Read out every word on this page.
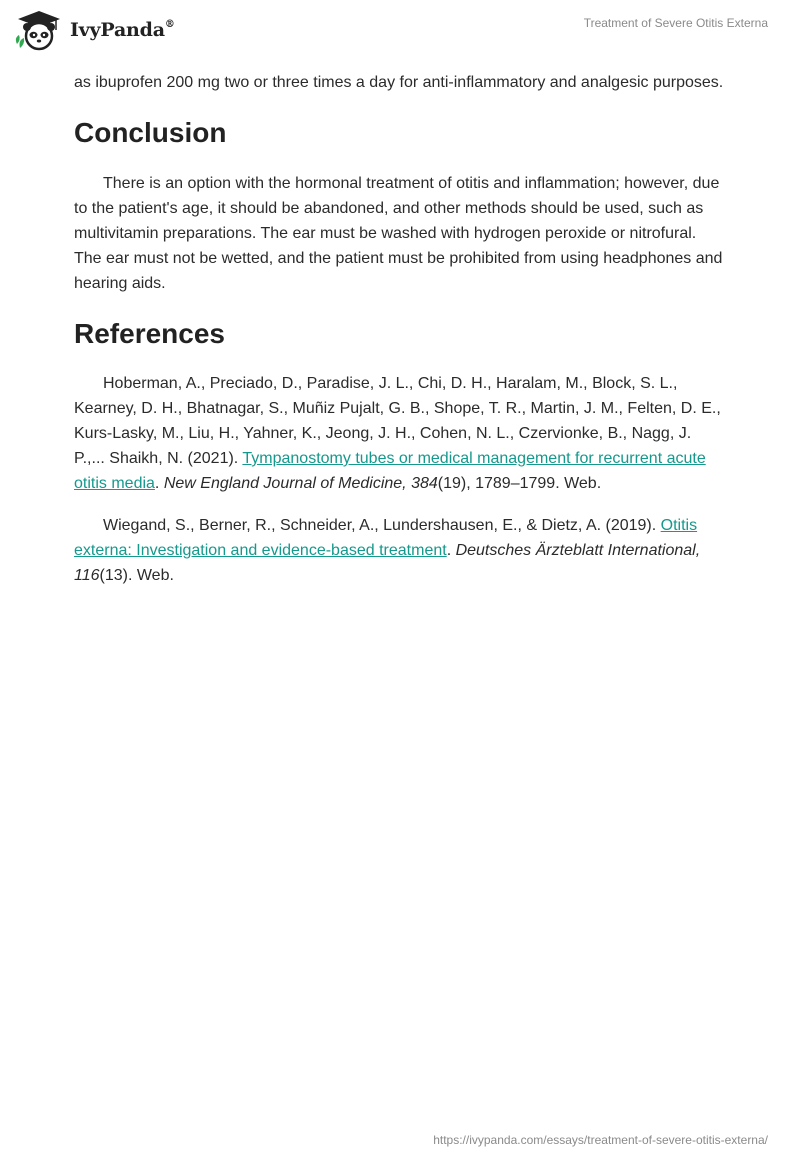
IvyPanda®	Treatment of Severe Otitis Externa

as ibuprofen 200 mg two or three times a day for anti-inflammatory and analgesic purposes.

Conclusion

There is an option with the hormonal treatment of otitis and inflammation; however, due to the patient's age, it should be abandoned, and other methods should be used, such as multivitamin preparations. The ear must be washed with hydrogen peroxide or nitrofural. The ear must not be wetted, and the patient must be prohibited from using headphones and hearing aids.

References

Hoberman, A., Preciado, D., Paradise, J. L., Chi, D. H., Haralam, M., Block, S. L., Kearney, D. H., Bhatnagar, S., Muñiz Pujalt, G. B., Shope, T. R., Martin, J. M., Felten, D. E., Kurs-Lasky, M., Liu, H., Yahner, K., Jeong, J. H., Cohen, N. L., Czervionke, B., Nagg, J. P.,... Shaikh, N. (2021). Tympanostomy tubes or medical management for recurrent acute otitis media. New England Journal of Medicine, 384(19), 1789–1799. Web.

Wiegand, S., Berner, R., Schneider, A., Lundershausen, E., & Dietz, A. (2019). Otitis externa: Investigation and evidence-based treatment. Deutsches Ärzteblatt International, 116(13). Web.

https://ivypanda.com/essays/treatment-of-severe-otitis-externa/
